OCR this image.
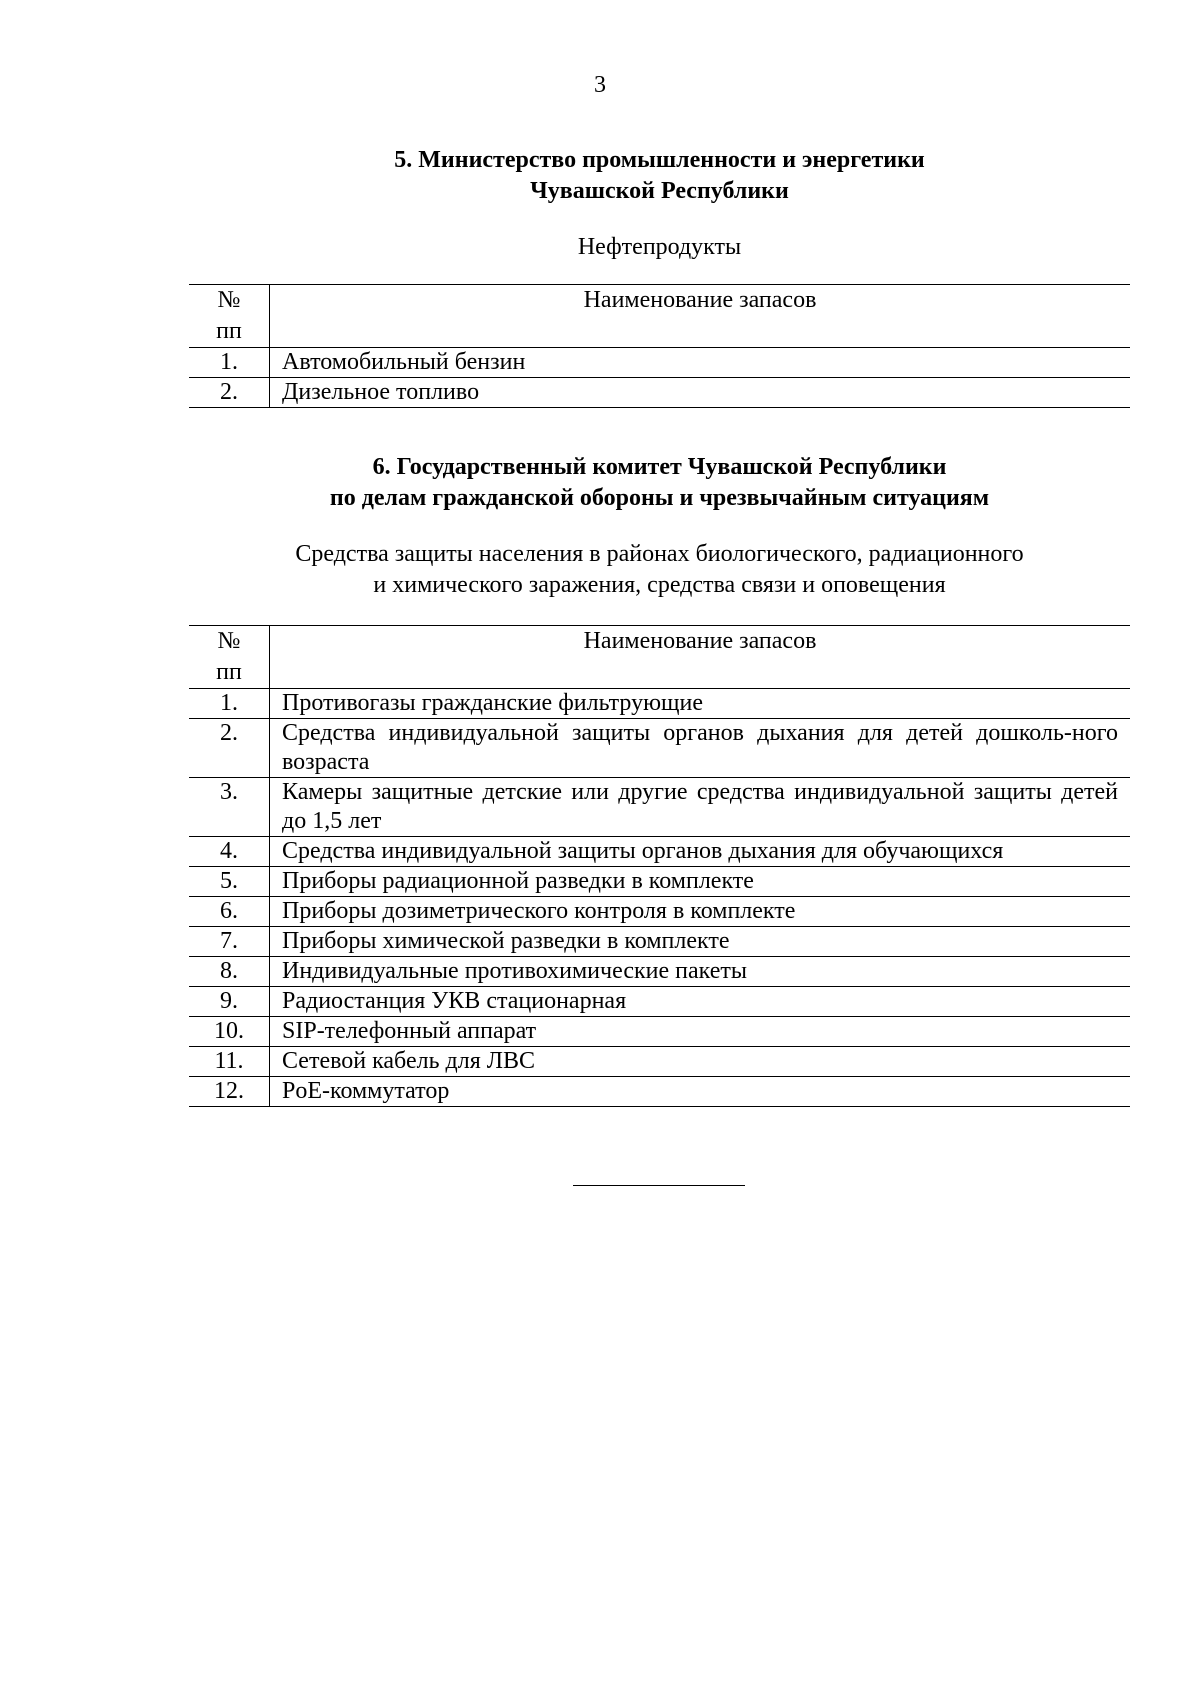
3

5. Министерство промышленности и энергетики

Чувашской Республики

Нефтепродукты

№
пп	Наименование запасов
1.	Автомобильный бензин
2.	Дизельное топливо

6. Государственный комитет Чувашской Республики

по делам гражданской обороны и чрезвычайным ситуациям

Средства защиты населения в районах биологического, радиационного

и химического заражения, средства связи и оповещения

№
пп	Наименование запасов
1.	Противогазы гражданские фильтрующие
2.	Средства индивидуальной защиты органов дыхания для детей дошколь-ного возраста
3.	Камеры защитные детские или другие средства индивидуальной защиты детей до 1,5 лет
4.	Средства индивидуальной защиты органов дыхания для обучающихся
5.	Приборы радиационной разведки в комплекте
6.	Приборы дозиметрического контроля в комплекте
7.	Приборы химической разведки в комплекте
8.	Индивидуальные противохимические пакеты
9.	Радиостанция УКВ стационарная
10.	SIP-телефонный аппарат
11.	Сетевой кабель для ЛВС
12.	PoE-коммутатор
